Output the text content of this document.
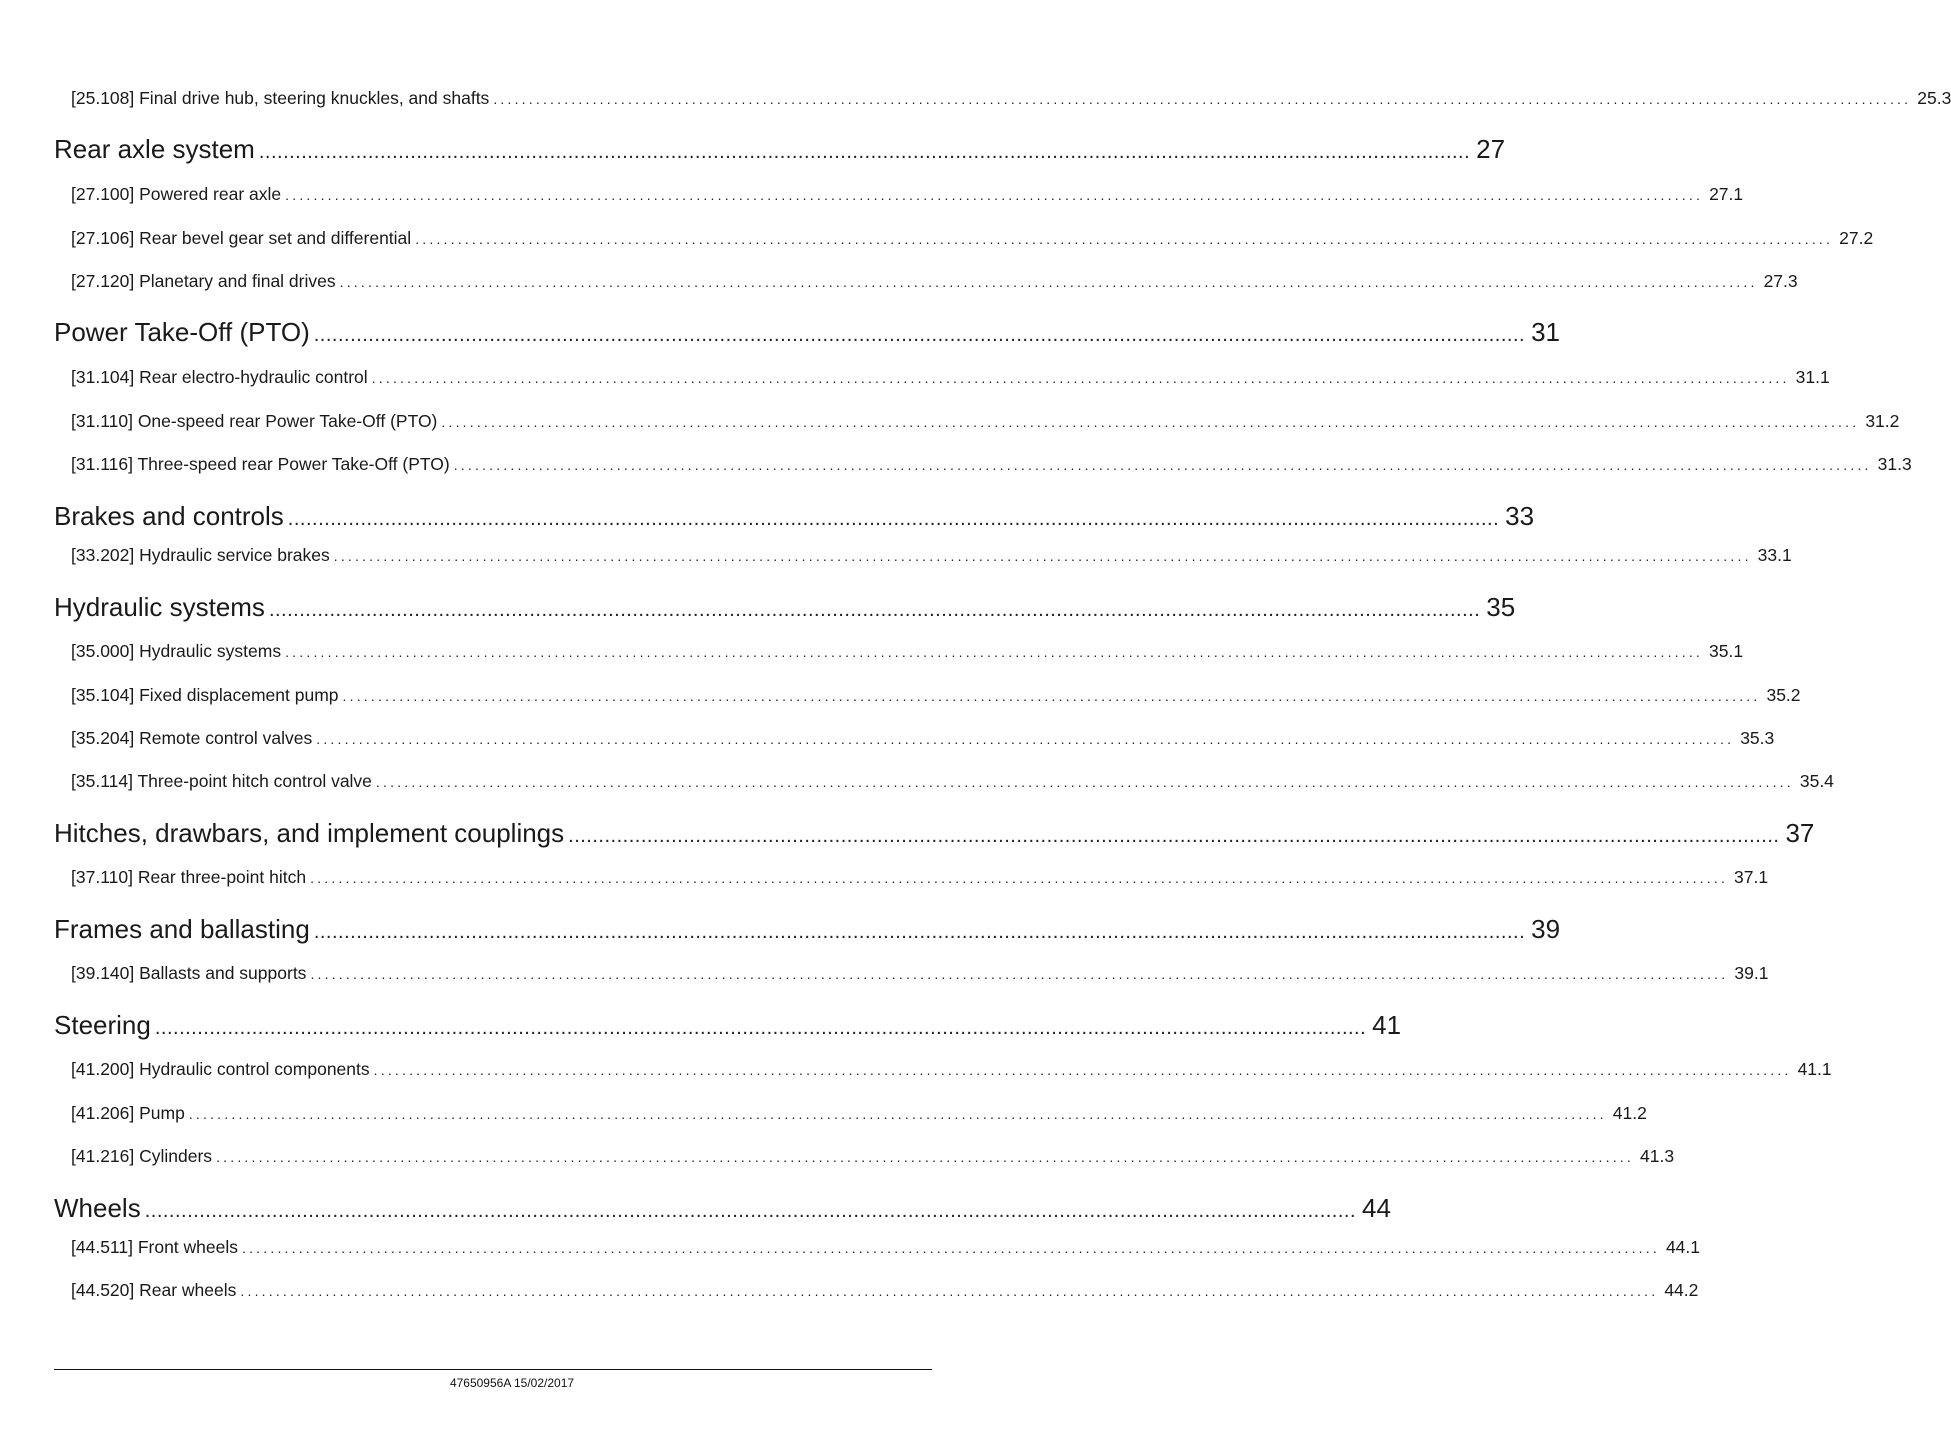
[25.108] Final drive hub, steering knuckles, and shafts ........................................................................................................................................................................................................ 25.3
Rear axle system ........................................................................................................................................................................................................ 27
[27.100] Powered rear axle ........................................................................................................................................................................................................ 27.1
[27.106] Rear bevel gear set and differential ........................................................................................................................................................................................................ 27.2
[27.120] Planetary and final drives ........................................................................................................................................................................................................ 27.3
Power Take-Off (PTO) ........................................................................................................................................................................................................ 31
[31.104] Rear electro-hydraulic control ........................................................................................................................................................................................................ 31.1
[31.110] One-speed rear Power Take-Off (PTO) ........................................................................................................................................................................................................ 31.2
[31.116] Three-speed rear Power Take-Off (PTO) ........................................................................................................................................................................................................ 31.3
Brakes and controls ........................................................................................................................................................................................................ 33
[33.202] Hydraulic service brakes ........................................................................................................................................................................................................ 33.1
Hydraulic systems ........................................................................................................................................................................................................ 35
[35.000] Hydraulic systems ........................................................................................................................................................................................................ 35.1
[35.104] Fixed displacement pump ........................................................................................................................................................................................................ 35.2
[35.204] Remote control valves ........................................................................................................................................................................................................ 35.3
[35.114] Three-point hitch control valve ........................................................................................................................................................................................................ 35.4
Hitches, drawbars, and implement couplings ........................................................................................................................................................................................................ 37
[37.110] Rear three-point hitch ........................................................................................................................................................................................................ 37.1
Frames and ballasting ........................................................................................................................................................................................................ 39
[39.140] Ballasts and supports ........................................................................................................................................................................................................ 39.1
Steering ........................................................................................................................................................................................................ 41
[41.200] Hydraulic control components ........................................................................................................................................................................................................ 41.1
[41.206] Pump ........................................................................................................................................................................................................ 41.2
[41.216] Cylinders ........................................................................................................................................................................................................ 41.3
Wheels ........................................................................................................................................................................................................ 44
[44.511] Front wheels ........................................................................................................................................................................................................ 44.1
[44.520] Rear wheels ........................................................................................................................................................................................................ 44.2
47650956A 15/02/2017
